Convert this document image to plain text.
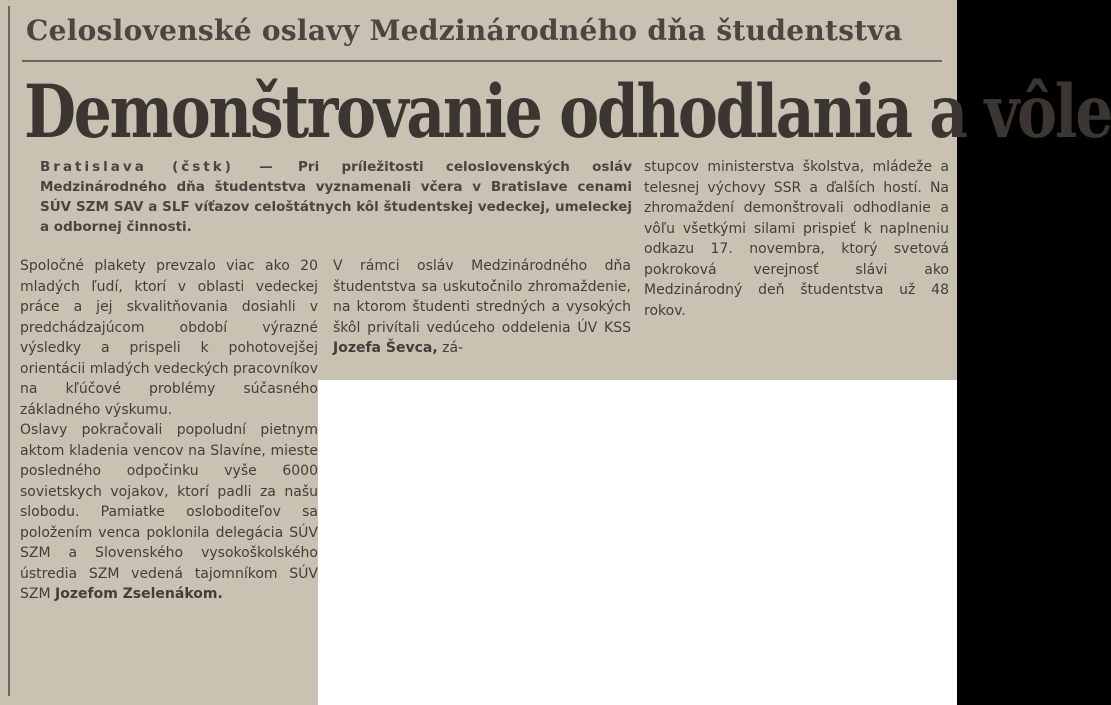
Celoslovenské oslavy Medzinárodného dňa študentstva
Demonštrovanie odhodlania a vôle
Bratislava (čstk) — Pri príležitosti celoslovenských osláv Medzinárodného dňa študentstva vyznamenali včera v Bratislave cenami SÚV SZM SAV a SLF víťazov celoštátnych kôl študentskej vedeckej, umeleckej a odbornej činnosti.

Spoločné plakety prevzalo viac ako 20 mladých ľudí, ktorí v oblasti vedeckej práce a jej skvalitňovania dosiahli v predchádzajúcom období výrazné výsledky a prispeli k pohotovejšej orientácii mladých vedeckých pracovníkov na kľúčové problémy súčasného základného výskumu.

Oslavy pokračovali popoludní pietnym aktom kladenia vencov na Slavíne, mieste posledného odpočinku vyše 6000 sovietskych vojakov, ktorí padli za našu slobodu. Pamiatke osloboditeľov sa položením venca poklonila delegácia SÚV SZM a Slovenského vysokoškolského ústredia SZM vedená tajomníkom SÚV SZM Jozefom Zselenákom.

V rámci osláv Medzinárodného dňa študentstva sa uskutočnilo zhromaždenie, na ktorom študenti stredných a vysokých škôl privítali vedúceho oddelenia ÚV KSS Jozefa Ševca, zá-

stupcov ministerstva školstva, mládeže a telesnej výchovy SSR a ďalších hostí. Na zhromaždení demonštrovali odhodlanie a vôľu všetkými silami prispieť k naplneniu odkazu 17. novembra, ktorý svetová pokroková verejnosť slávi ako Medzinárodný deň študentstva už 48 rokov.
